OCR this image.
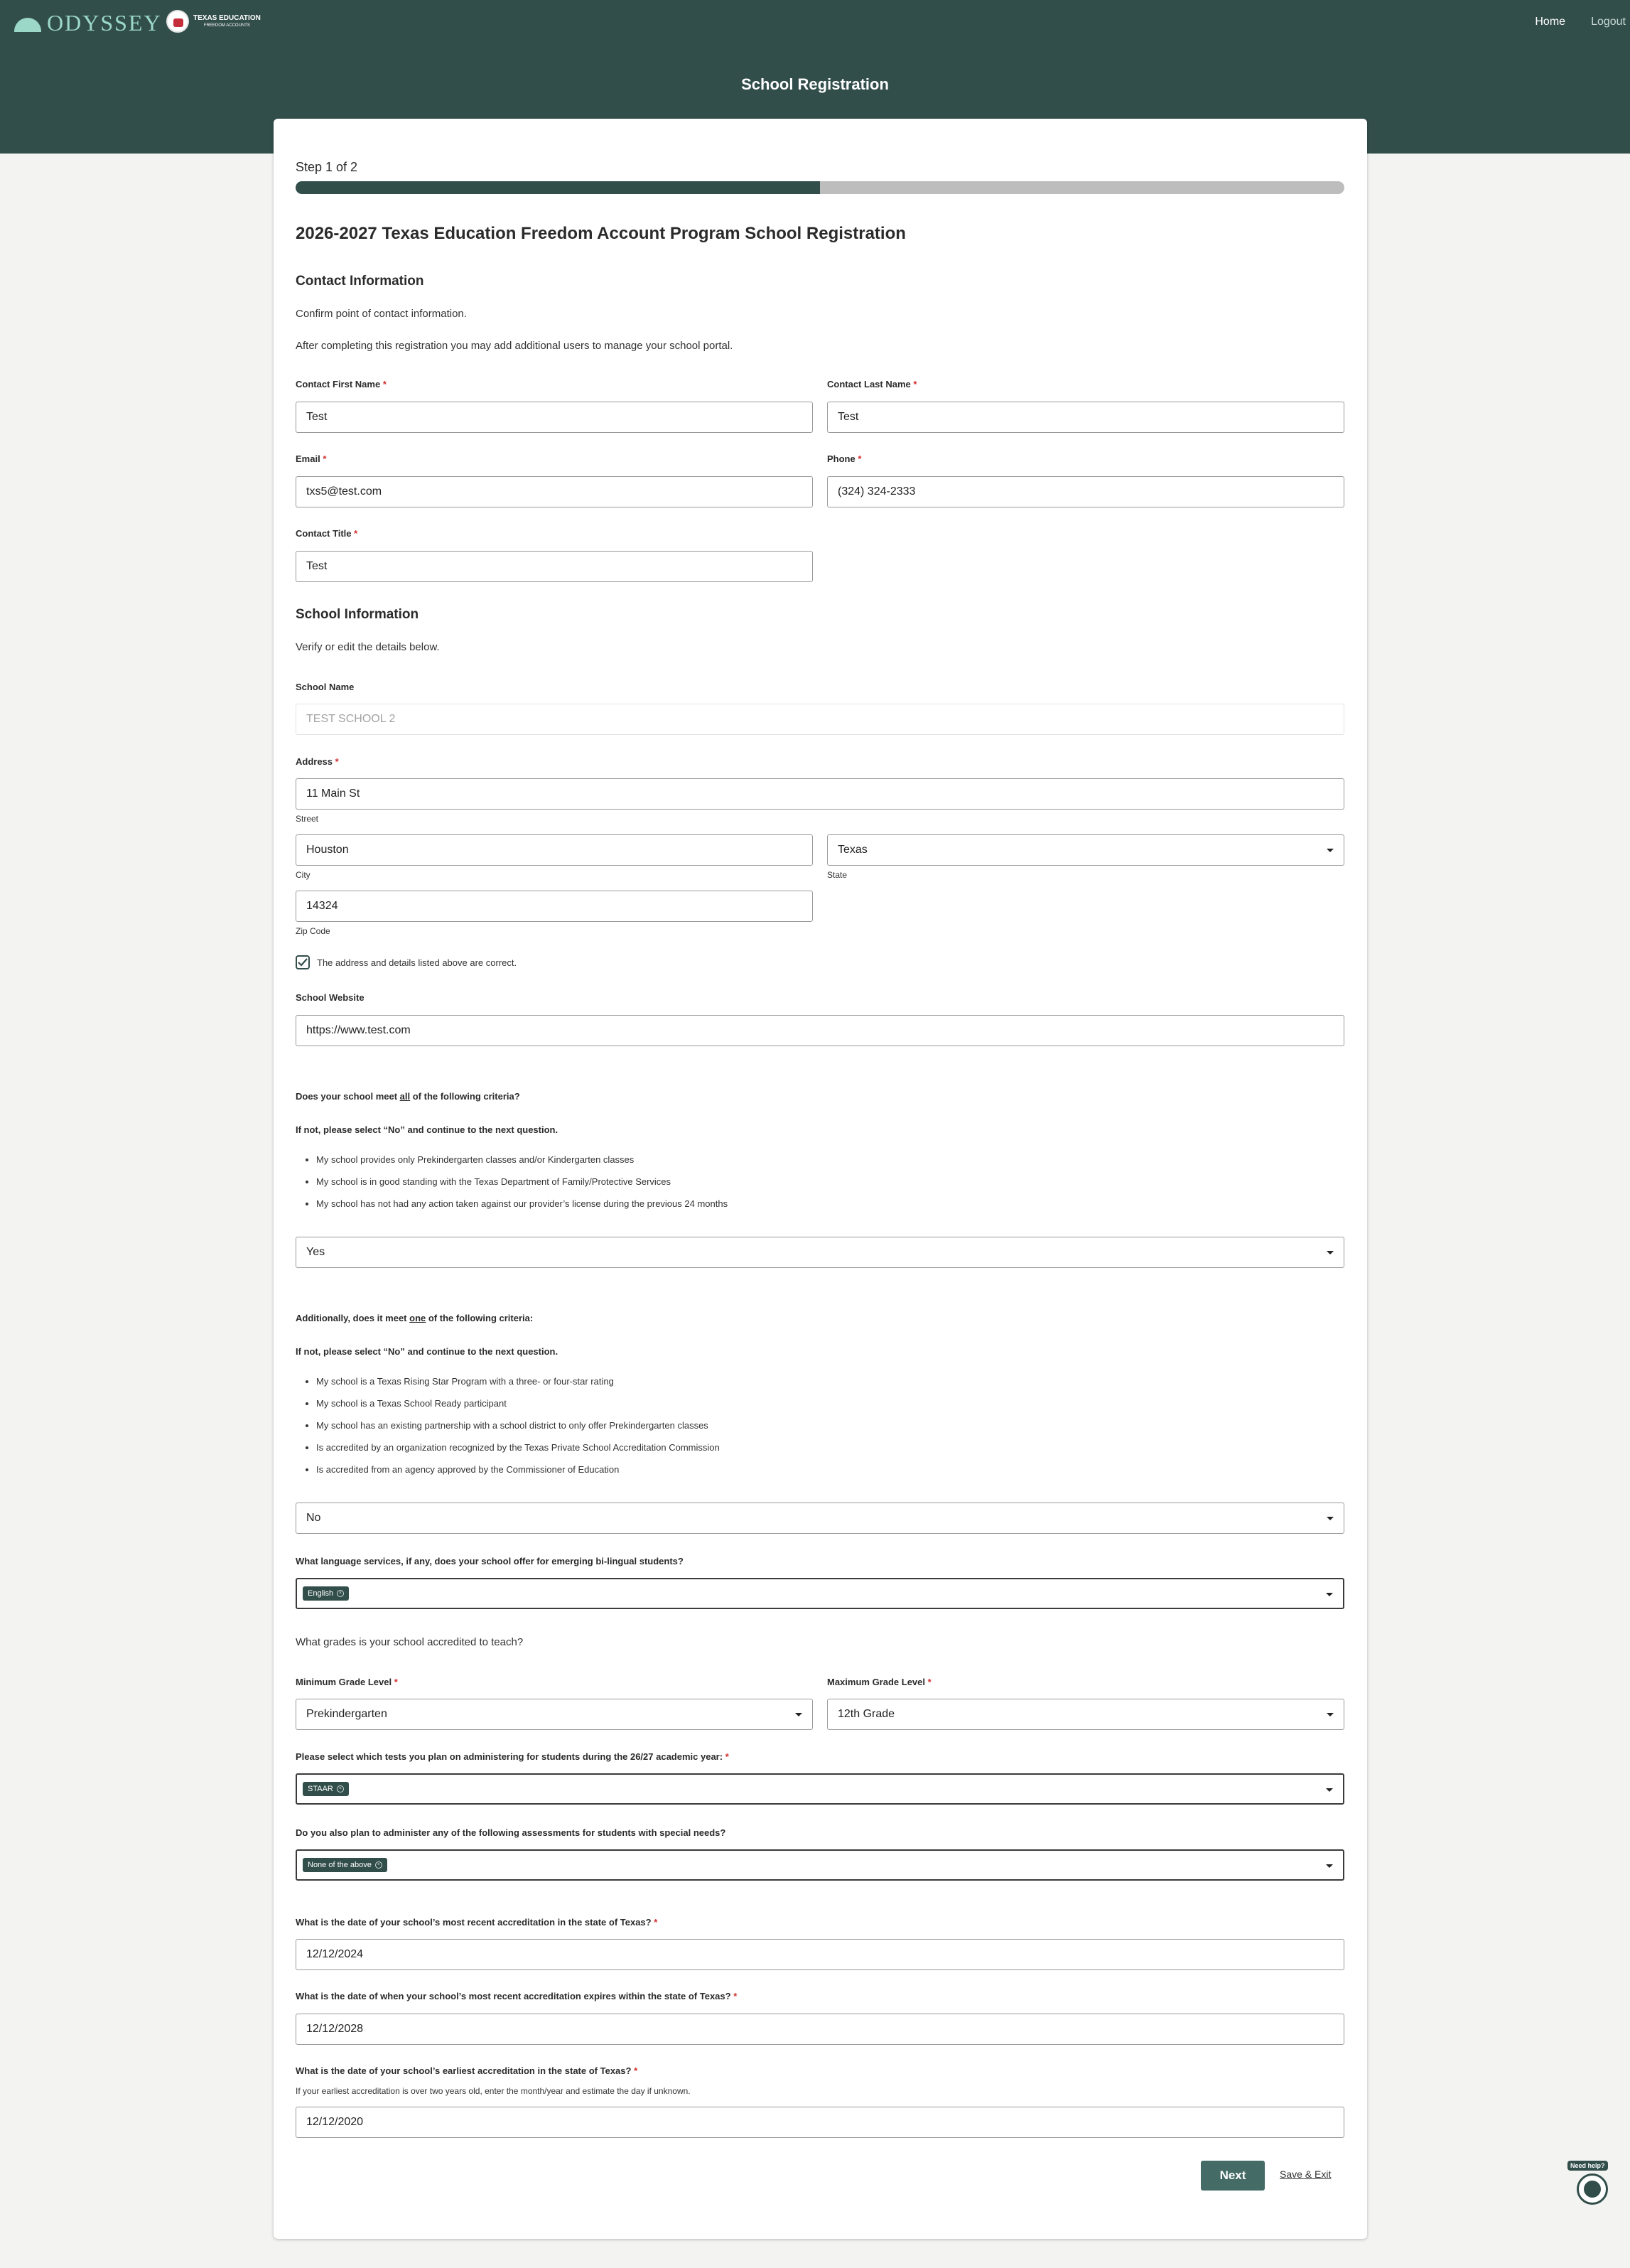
ODYSSEY	TEXAS EDUCATION
FREEDOM ACCOUNTS	Home Logout
School Registration
Step 1 of 2
2026-2027 Texas Education Freedom Account Program School Registration
Contact Information
Confirm point of contact information.
After completing this registration you may add additional users to manage your school portal.
Contact First Name *
Test
Contact Last Name *
Test
Email *
txs5@test.com
Phone *
(324) 324-2333
Contact Title *
Test
School Information
Verify or edit the details below.
School Name
TEST SCHOOL 2
Address *
11 Main St
Street
Houston
City
Texas
State
14324
Zip Code
The address and details listed above are correct.
School Website
https://www.test.com
Does your school meet all of the following criteria?
If not, please select “No” and continue to the next question.
• My school provides only Prekindergarten classes and/or Kindergarten classes
• My school is in good standing with the Texas Department of Family/Protective Services
• My school has not had any action taken against our provider’s license during the previous 24 months
Yes
Additionally, does it meet one of the following criteria:
If not, please select “No” and continue to the next question.
• My school is a Texas Rising Star Program with a three- or four-star rating
• My school is a Texas School Ready participant
• My school has an existing partnership with a school district to only offer Prekindergarten classes
• Is accredited by an organization recognized by the Texas Private School Accreditation Commission
• Is accredited from an agency approved by the Commissioner of Education
No
What language services, if any, does your school offer for emerging bi-lingual students?
English	×
What grades is your school accredited to teach?
Minimum Grade Level *
Prekindergarten
Maximum Grade Level *
12th Grade
Please select which tests you plan on administering for students during the 26/27 academic year: *
STAAR	×
Do you also plan to administer any of the following assessments for students with special needs?
None of the above	×
What is the date of your school’s most recent accreditation in the state of Texas? *
12/12/2024
What is the date of when your school’s most recent accreditation expires within the state of Texas? *
12/12/2028
What is the date of your school’s earliest accreditation in the state of Texas? *
If your earliest accreditation is over two years old, enter the month/year and estimate the day if unknown.
12/12/2020
Next	Save & Exit
Need help?
